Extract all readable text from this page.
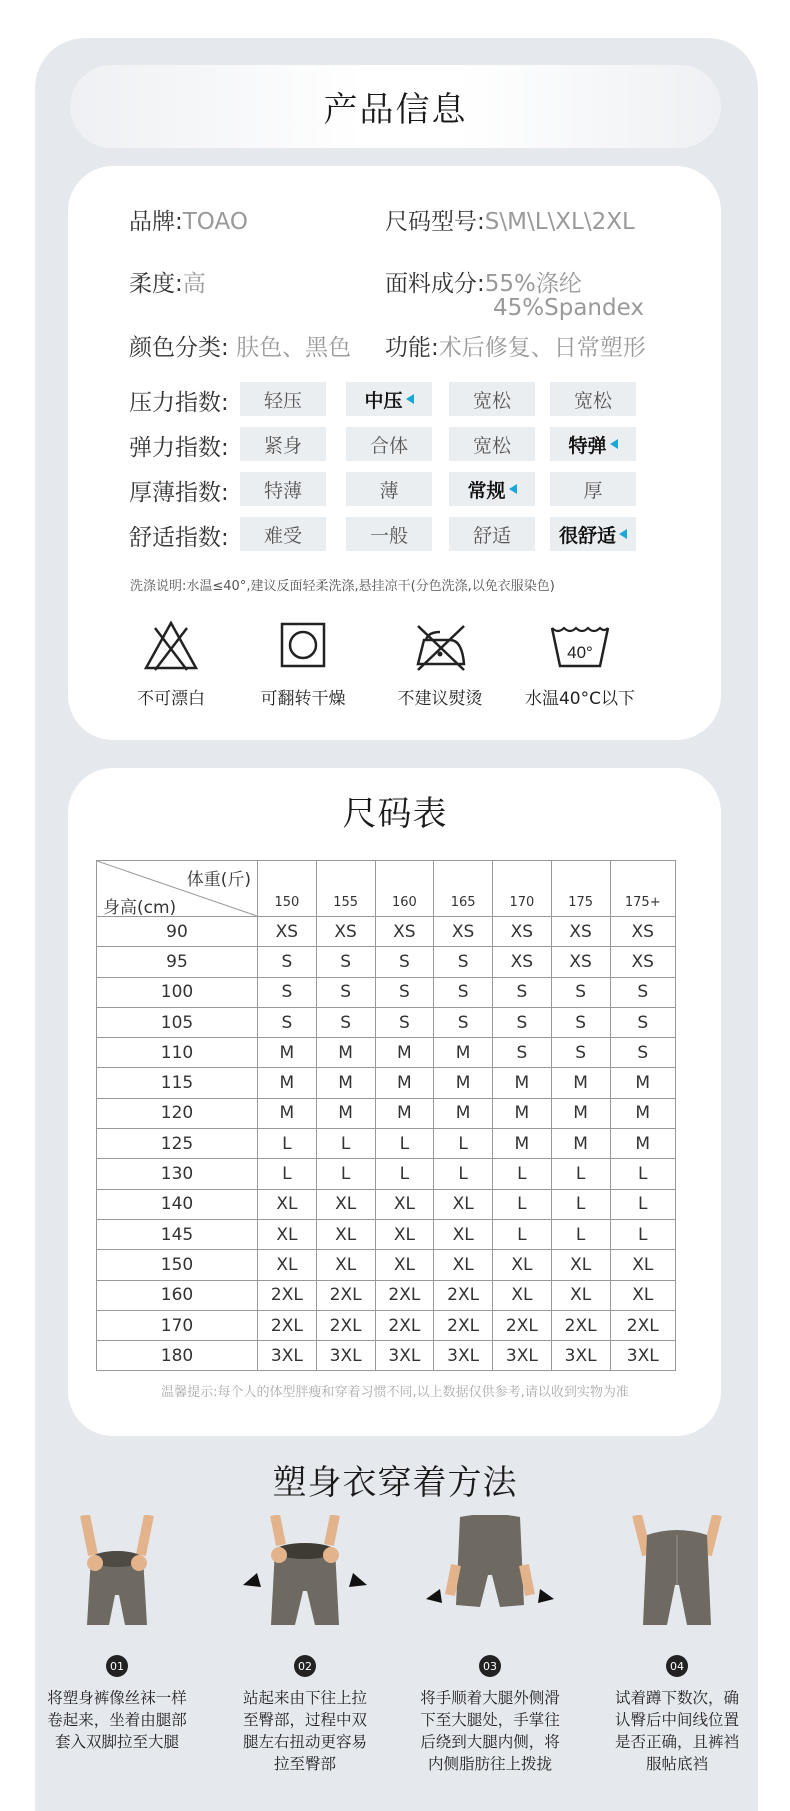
产品信息
品牌:TOAO	尺码型号:S\M\L\XL\2XL
柔度:高	面料成分:55%涤纶
45%Spandex
颜色分类: 肤色、黑色 功能:术后修复、日常塑形
压力指数: 轻压	中压	宽松	宽松
弹力指数: 紧身	合体	宽松	特弹
厚薄指数: 特薄	薄	常规	厚
舒适指数: 难受	一般	舒适	很舒适
洗涤说明:水温≤40°,建议反面轻柔洗涤,悬挂凉干(分色洗涤,以免衣服染色)
不可漂白	可翻转干燥	不建议熨烫
40°
水温40°C以下
尺码表
体重(斤)
身高(cm)	150	155	160	165	170	175	175+
90	XS	XS	XS	XS	XS	XS	XS
95	S	S	S	S	XS	XS	XS
100	S	S	S	S	S	S	S
105	S	S	S	S	S	S	S
110	M	M	M	M	S	S	S
115	M	M	M	M	M	M	M
120	M	M	M	M	M	M	M
125	L	L	L	L	M	M	M
130	L	L	L	L	L	L	L
140	XL	XL	XL	XL	L	L	L
145	XL	XL	XL	XL	L	L	L
150	XL	XL	XL	XL	XL	XL	XL
160	2XL	2XL	2XL	2XL	XL	XL	XL
170	2XL	2XL	2XL	2XL	2XL	2XL	2XL
180	3XL	3XL	3XL	3XL	3XL	3XL	3XL
温馨提示:每个人的体型胖瘦和穿着习惯不同,以上数据仅供参考,请以收到实物为准
塑身衣穿着方法
01
将塑身裤像丝袜一样
卷起来，坐着由腿部
套入双脚拉至大腿
02
站起来由下往上拉
至臀部，过程中双
腿左右扭动更容易
拉至臀部
03
将手顺着大腿外侧滑
下至大腿处，手掌往
后绕到大腿内侧，将
内侧脂肪往上拨拢
04
试着蹲下数次，确
认臀后中间线位置
是否正确，且裤裆
服帖底裆
